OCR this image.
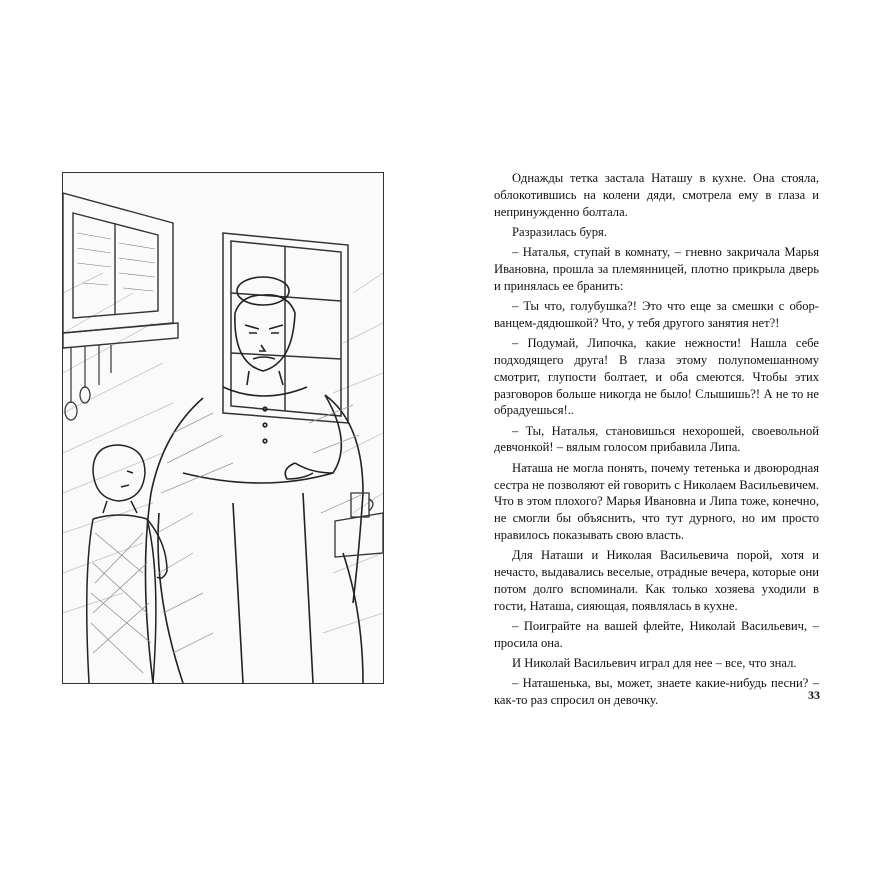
Однажды тетка застала Наташу в кухне. Она стояла, облокотившись на колени дяди, смотрела ему в глаза и непринужденно болтала.

Разразилась буря.

– Наталья, ступай в комнату, – гневно закричала Марья Ивановна, прошла за племянницей, плотно прикрыла дверь и принялась ее бранить:

– Ты что, голубушка?! Это что еще за смешки с оборванцем-дядюшкой? Что, у тебя другого занятия нет?!

– Подумай, Липочка, какие нежности! Нашла себе подходящего друга! В глаза этому полупомешанному смотрит, глупости болтает, и оба смеются. Чтобы этих разговоров больше никогда не было! Слышишь?! А не то не обрадуешься!..

– Ты, Наталья, становишься нехорошей, своевольной девчонкой! – вялым голосом прибавила Липа.

Наташа не могла понять, почему тетенька и двоюродная сестра не позволяют ей говорить с Николаем Васильевичем. Что в этом плохого? Марья Ивановна и Липа тоже, конечно, не смогли бы объяснить, что тут дурного, но им просто нравилось показывать свою власть.

Для Наташи и Николая Васильевича порой, хотя и нечасто, выдавались веселые, отрадные вечера, которые они потом долго вспоминали. Как только хозяева уходили в гости, Наташа, сияющая, появлялась в кухне.

– Поиграйте на вашей флейте, Николай Васильевич, – просила она.

И Николай Васильевич играл для нее – все, что знал.

– Наташенька, вы, может, знаете какие-нибудь песни? – как-то раз спросил он девочку.	33
